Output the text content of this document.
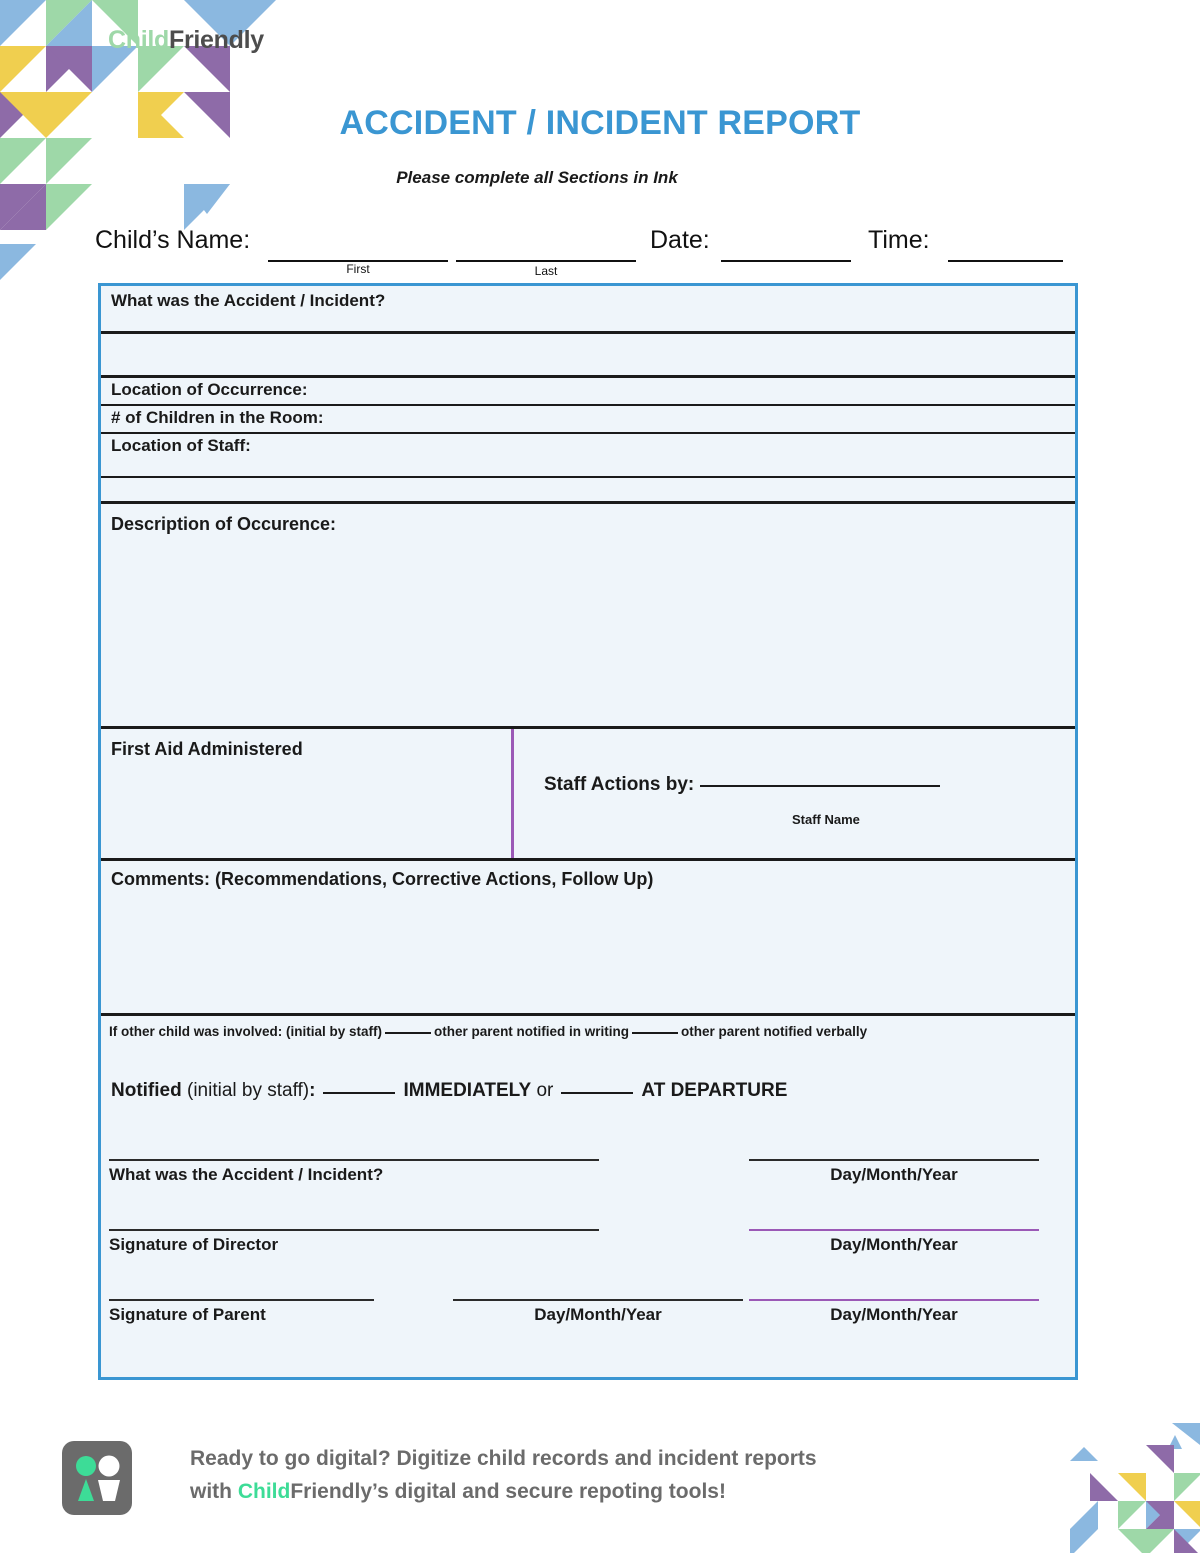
ChildFriendly
ACCIDENT / INCIDENT REPORT
Please complete all Sections in Ink
Child’s Name:
First	Last
Date:	Time:
What was the Accident / Incident?
Location of Occurrence:
# of Children in the Room:
Location of Staff:
Description of Occurence:
First Aid Administered
Staff Actions by:
Staff Name
Comments: (Recommendations, Corrective Actions, Follow Up)
If other child was involved: (initial by staff)	other parent notified in writing	other parent notified verbally
Notified (initial by staff):	IMMEDIATELY or	AT DEPARTURE
What was the Accident / Incident?	Day/Month/Year
Signature of Director	Day/Month/Year
Signature of Parent	Day/Month/Year	Day/Month/Year
Ready to go digital? Digitize child records and incident reports
with ChildFriendly’s digital and secure repoting tools!
